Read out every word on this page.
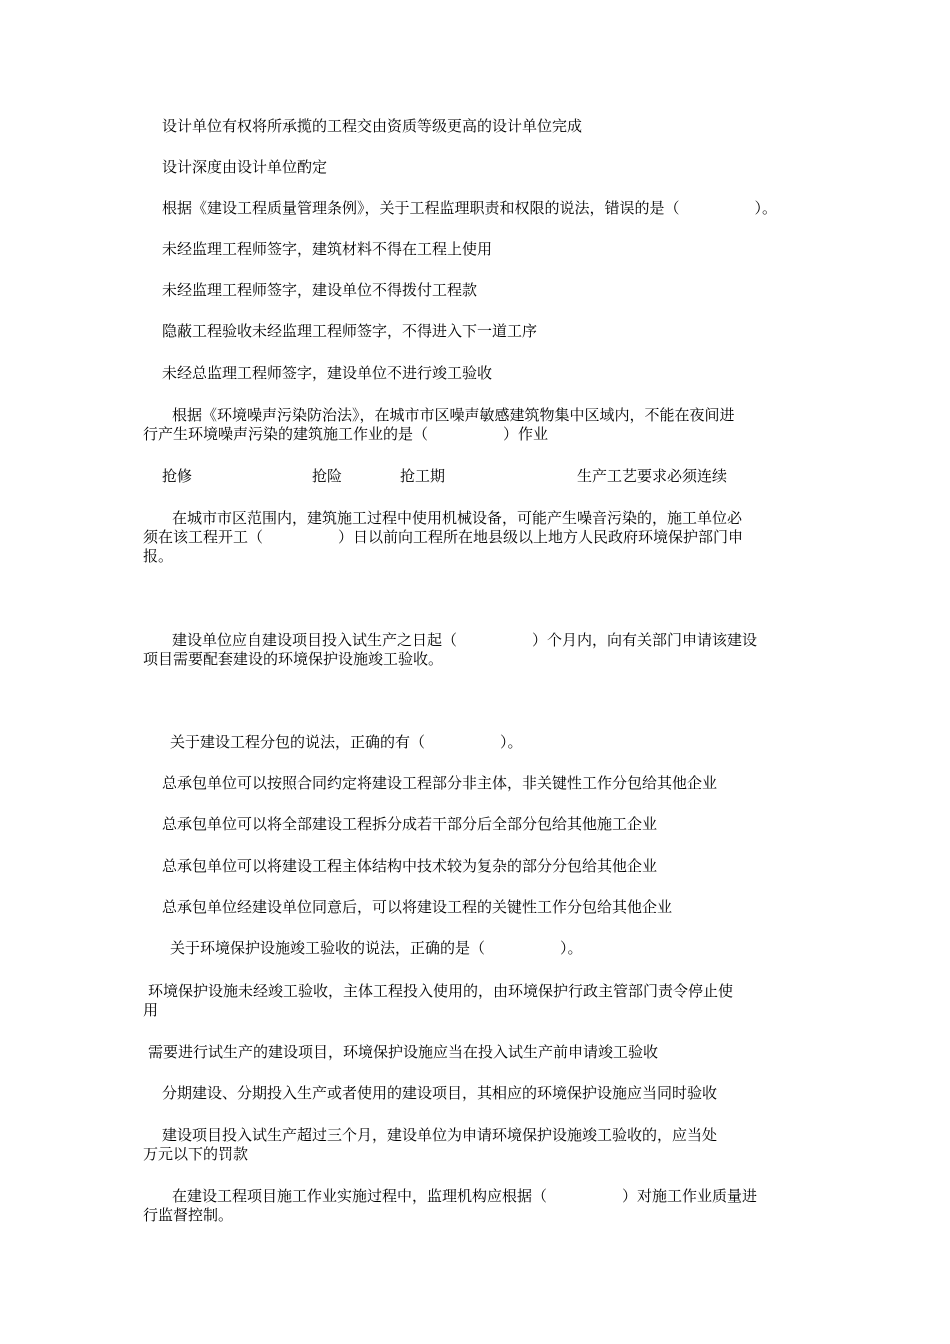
设计单位有权将所承揽的工程交由资质等级更高的设计单位完成
设计深度由设计单位酌定
根据《建设工程质量管理条例》，关于工程监理职责和权限的说法，错误的是（　　　　　）。
未经监理工程师签字，建筑材料不得在工程上使用
未经监理工程师签字，建设单位不得拨付工程款
隐蔽工程验收未经监理工程师签字，不得进入下一道工序
未经总监理工程师签字，建设单位不进行竣工验收
根据《环境噪声污染防治法》，在城市市区噪声敏感建筑物集中区域内，不能在夜间进
行产生环境噪声污染的建筑施工作业的是（　　　　　）作业
抢修	抢险	抢工期	生产工艺要求必须连续
在城市市区范围内，建筑施工过程中使用机械设备，可能产生噪音污染的，施工单位必
须在该工程开工（　　　　　）日以前向工程所在地县级以上地方人民政府环境保护部门申
报。
建设单位应自建设项目投入试生产之日起（　　　　　）个月内，向有关部门申请该建设
项目需要配套建设的环境保护设施竣工验收。
关于建设工程分包的说法，正确的有（　　　　　）。
总承包单位可以按照合同约定将建设工程部分非主体，非关键性工作分包给其他企业
总承包单位可以将全部建设工程拆分成若干部分后全部分包给其他施工企业
总承包单位可以将建设工程主体结构中技术较为复杂的部分分包给其他企业
总承包单位经建设单位同意后，可以将建设工程的关键性工作分包给其他企业
关于环境保护设施竣工验收的说法，正确的是（　　　　　）。
环境保护设施未经竣工验收，主体工程投入使用的，由环境保护行政主管部门责令停止使
用
需要进行试生产的建设项目，环境保护设施应当在投入试生产前申请竣工验收
分期建设、分期投入生产或者使用的建设项目，其相应的环境保护设施应当同时验收
建设项目投入试生产超过三个月，建设单位为申请环境保护设施竣工验收的，应当处
万元以下的罚款
在建设工程项目施工作业实施过程中，监理机构应根据（　　　　　）对施工作业质量进
行监督控制。
